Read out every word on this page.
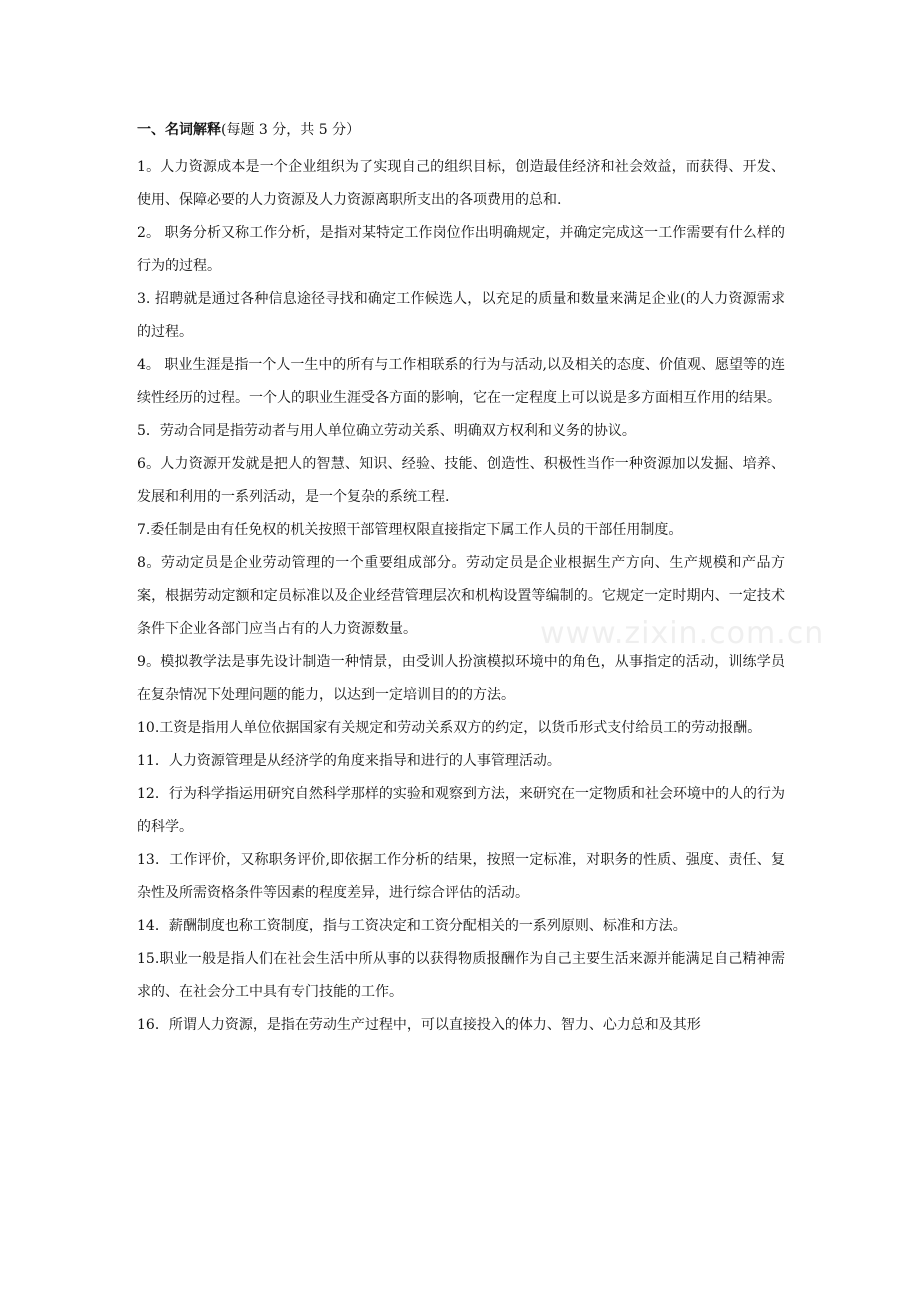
一、名词解释(每题 3 分，共 5 分）

1。人力资源成本是一个企业组织为了实现自己的组织目标，创造最佳经济和社会效益，而获得、开发、使用、保障必要的人力资源及人力资源离职所支出的各项费用的总和.

2。 职务分析又称工作分析，是指对某特定工作岗位作出明确规定，并确定完成这一工作需要有什么样的行为的过程。

3. 招聘就是通过各种信息途径寻找和确定工作候选人，以充足的质量和数量来满足企业(的人力资源需求的过程。

4。 职业生涯是指一个人一生中的所有与工作相联系的行为与活动,以及相关的态度、价值观、愿望等的连续性经历的过程。一个人的职业生涯受各方面的影响，它在一定程度上可以说是多方面相互作用的结果。

5．劳动合同是指劳动者与用人单位确立劳动关系、明确双方权利和义务的协议。

6。人力资源开发就是把人的智慧、知识、经验、技能、创造性、积极性当作一种资源加以发掘、培养、发展和利用的一系列活动，是一个复杂的系统工程.

7.委任制是由有任免权的机关按照干部管理权限直接指定下属工作人员的干部任用制度。

8。劳动定员是企业劳动管理的一个重要组成部分。劳动定员是企业根据生产方向、生产规模和产品方案，根据劳动定额和定员标准以及企业经营管理层次和机构设置等编制的。它规定一定时期内、一定技术条件下企业各部门应当占有的人力资源数量。

9。模拟教学法是事先设计制造一种情景，由受训人扮演模拟环境中的角色，从事指定的活动，训练学员在复杂情况下处理问题的能力，以达到一定培训目的的方法。

10.工资是指用人单位依据国家有关规定和劳动关系双方的约定，以货币形式支付给员工的劳动报酬。

11．人力资源管理是从经济学的角度来指导和进行的人事管理活动。

12．行为科学指运用研究自然科学那样的实验和观察到方法，来研究在一定物质和社会环境中的人的行为的科学。

13．工作评价，又称职务评价,即依据工作分析的结果，按照一定标准，对职务的性质、强度、责任、复杂性及所需资格条件等因素的程度差异，进行综合评估的活动。

14．薪酬制度也称工资制度，指与工资决定和工资分配相关的一系列原则、标准和方法。

15.职业一般是指人们在社会生活中所从事的以获得物质报酬作为自己主要生活来源并能满足自己精神需求的、在社会分工中具有专门技能的工作。

16．所谓人力资源，是指在劳动生产过程中，可以直接投入的体力、智力、心力总和及其形

www.zixin.com.cn
